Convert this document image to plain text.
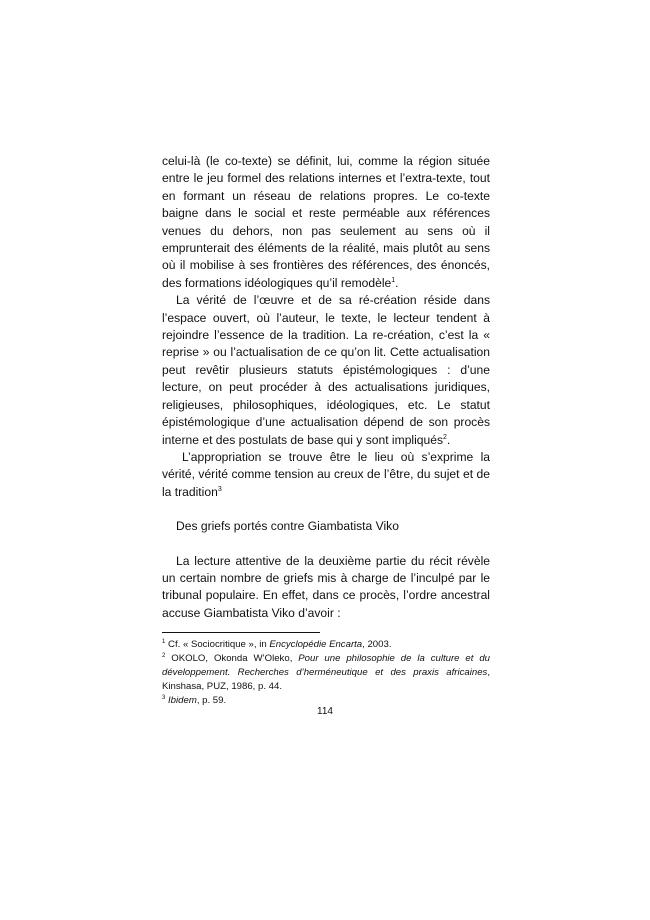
celui-là (le co-texte) se définit, lui, comme la région située entre le jeu formel des relations internes et l’extra-texte, tout en formant un réseau de relations propres. Le co-texte baigne dans le social et reste perméable aux références venues du dehors, non pas seulement au sens où il emprunterait des éléments de la réalité, mais plutôt au sens où il mobilise à ses frontières des références, des énoncés, des formations idéologiques qu’il remodèle$^1$.

La vérité de l’œuvre et de sa ré-création réside dans l’espace ouvert, où l’auteur, le texte, le lecteur tendent à rejoindre l’essence de la tradition. La re-création, c’est la « reprise » ou l’actualisation de ce qu’on lit. Cette actualisation peut revêtir plusieurs statuts épistémologiques : d’une lecture, on peut procéder à des actualisations juridiques, religieuses, philosophiques, idéologiques, etc. Le statut épistémologique d’une actualisation dépend de son procès interne et des postulats de base qui y sont impliqués$^2$.

L’appropriation se trouve être le lieu où s’exprime la vérité, vérité comme tension au creux de l’être, du sujet et de la tradition$^3$

Des griefs portés contre Giambatista Viko

La lecture attentive de la deuxième partie du récit révèle un certain nombre de griefs mis à charge de l’inculpé par le tribunal populaire. En effet, dans ce procès, l’ordre ancestral accuse Giambatista Viko d’avoir :

$^1$ Cf. « Sociocritique », in Encyclopédie Encarta, 2003.

$^2$ OKOLO, Okonda W’Oleko, Pour une philosophie de la culture et du développement. Recherches d’herméneutique et des praxis africaines, Kinshasa, PUZ, 1986, p. 44.

$^3$ Ibidem, p. 59.

114
